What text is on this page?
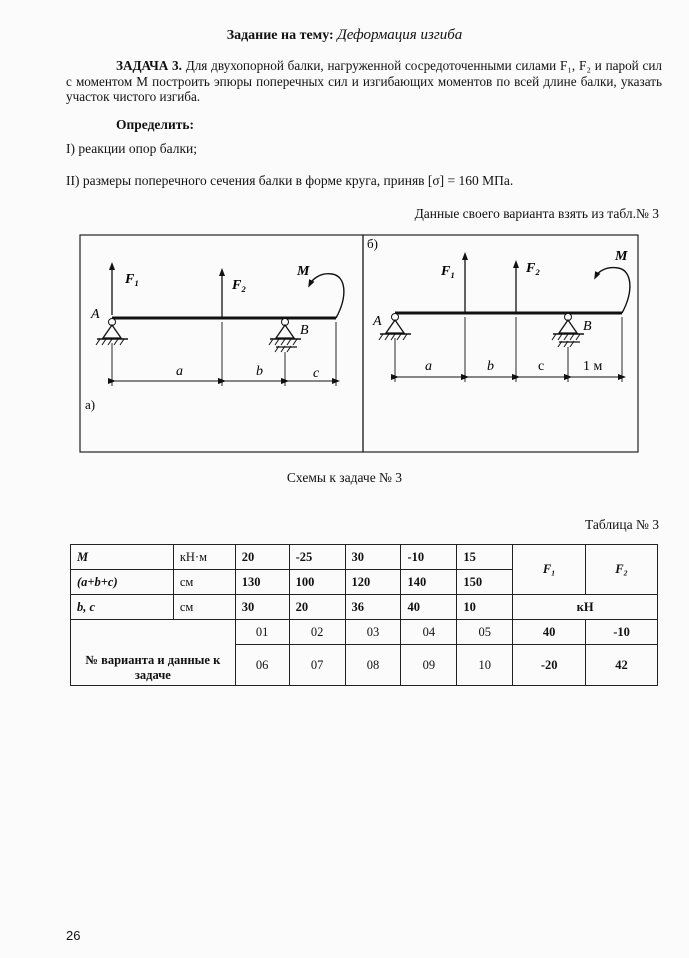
Задание на тему: Деформация изгиба
ЗАДАЧА 3. Для двухопорной балки, нагруженной сосредоточенными силами F₁, F₂ и парой сил с моментом M построить эпюры поперечных сил и изгибающих моментов по всей длине балки, указать участок чистого изгиба.
Определить:
I) реакции опор балки;
II) размеры поперечного сечения балки в форме круга, приняв [σ] = 160 МПа.
Данные своего варианта взять из табл.№ 3
F₁	F₂
M
A
B
a	b	c
а)
б)
F₁	F₂
M
A	B
a	b	c	1 м
Схемы к задаче № 3
Таблица № 3
M	кН·м	20	-25	30	-10	15	F₁	F₂
(a+b+c)	см	130	100	120	140	150		
b, c	см	30	20	36	40	10	кН	
№ варианта и данные к задаче		01	02	03	04	05	40	-10
		06	07	08	09	10	-20	42
26
